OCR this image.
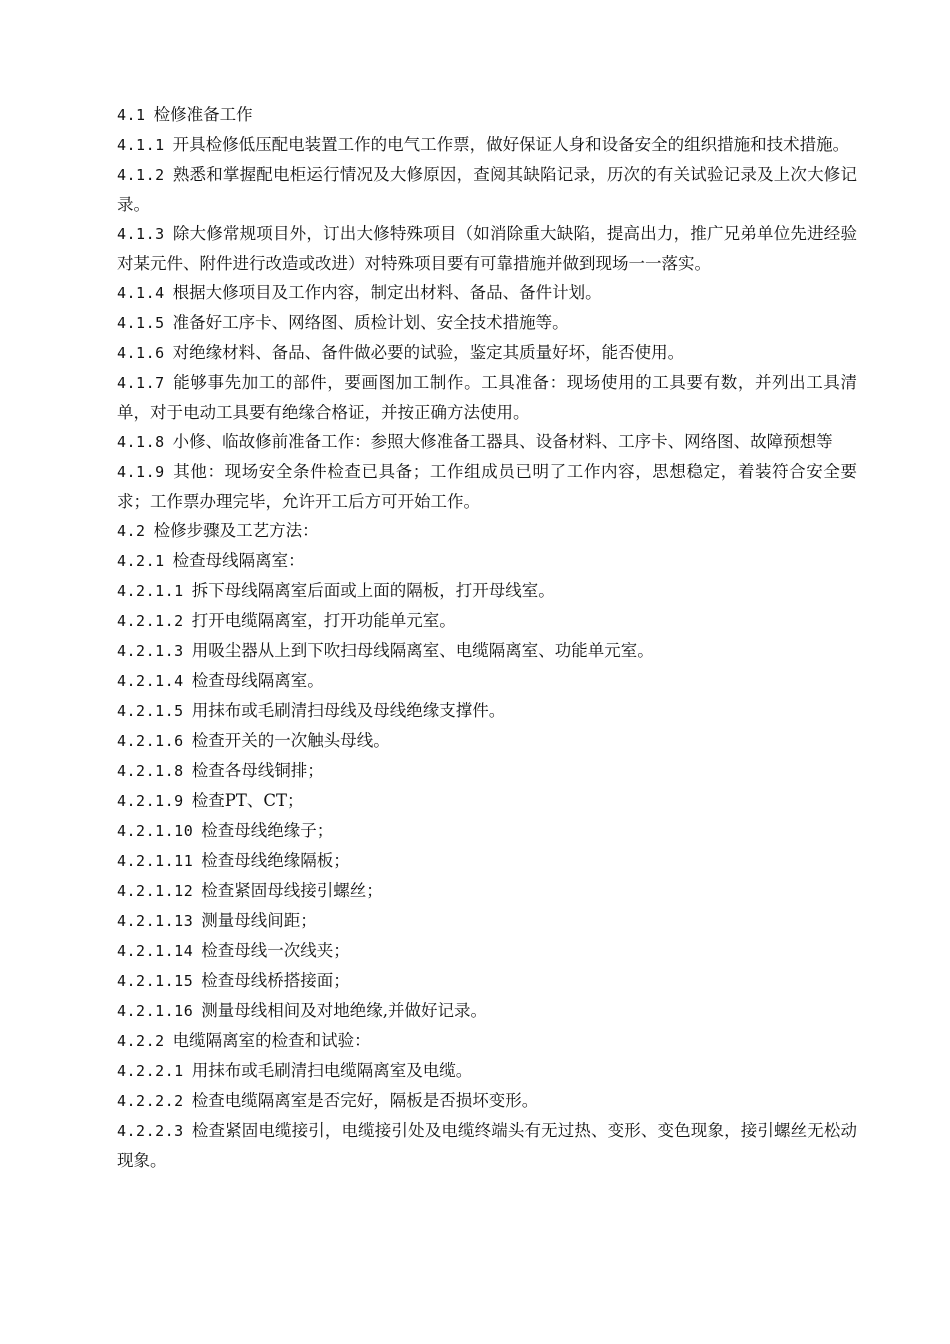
4.1 检修准备工作

4.1.1 开具检修低压配电装置工作的电气工作票，做好保证人身和设备安全的组织措施和技术措施。

4.1.2 熟悉和掌握配电柜运行情况及大修原因，查阅其缺陷记录，历次的有关试验记录及上次大修记录。

4.1.3 除大修常规项目外，订出大修特殊项目（如消除重大缺陷，提高出力，推广兄弟单位先进经验对某元件、附件进行改造或改进）对特殊项目要有可靠措施并做到现场一一落实。

4.1.4 根据大修项目及工作内容，制定出材料、备品、备件计划。

4.1.5 准备好工序卡、网络图、质检计划、安全技术措施等。

4.1.6 对绝缘材料、备品、备件做必要的试验，鉴定其质量好坏，能否使用。

4.1.7 能够事先加工的部件，要画图加工制作。工具准备：现场使用的工具要有数，并列出工具清单，对于电动工具要有绝缘合格证，并按正确方法使用。

4.1.8 小修、临故修前准备工作：参照大修准备工器具、设备材料、工序卡、网络图、故障预想等

4.1.9 其他：现场安全条件检查已具备；工作组成员已明了工作内容，思想稳定，着装符合安全要求；工作票办理完毕，允许开工后方可开始工作。

4.2 检修步骤及工艺方法：

4.2.1 检查母线隔离室：

4.2.1.1 拆下母线隔离室后面或上面的隔板，打开母线室。

4.2.1.2 打开电缆隔离室，打开功能单元室。

4.2.1.3 用吸尘器从上到下吹扫母线隔离室、电缆隔离室、功能单元室。

4.2.1.4 检查母线隔离室。

4.2.1.5 用抹布或毛刷清扫母线及母线绝缘支撑件。

4.2.1.6 检查开关的一次触头母线。

4.2.1.8 检查各母线铜排；

4.2.1.9 检查PT、CT；

4.2.1.10 检查母线绝缘子；

4.2.1.11 检查母线绝缘隔板；

4.2.1.12 检查紧固母线接引螺丝；

4.2.1.13 测量母线间距；

4.2.1.14 检查母线一次线夹；

4.2.1.15 检查母线桥搭接面；

4.2.1.16 测量母线相间及对地绝缘,并做好记录。

4.2.2 电缆隔离室的检查和试验：

4.2.2.1 用抹布或毛刷清扫电缆隔离室及电缆。

4.2.2.2 检查电缆隔离室是否完好，隔板是否损坏变形。

4.2.2.3 检查紧固电缆接引，电缆接引处及电缆终端头有无过热、变形、变色现象，接引螺丝无松动现象。
